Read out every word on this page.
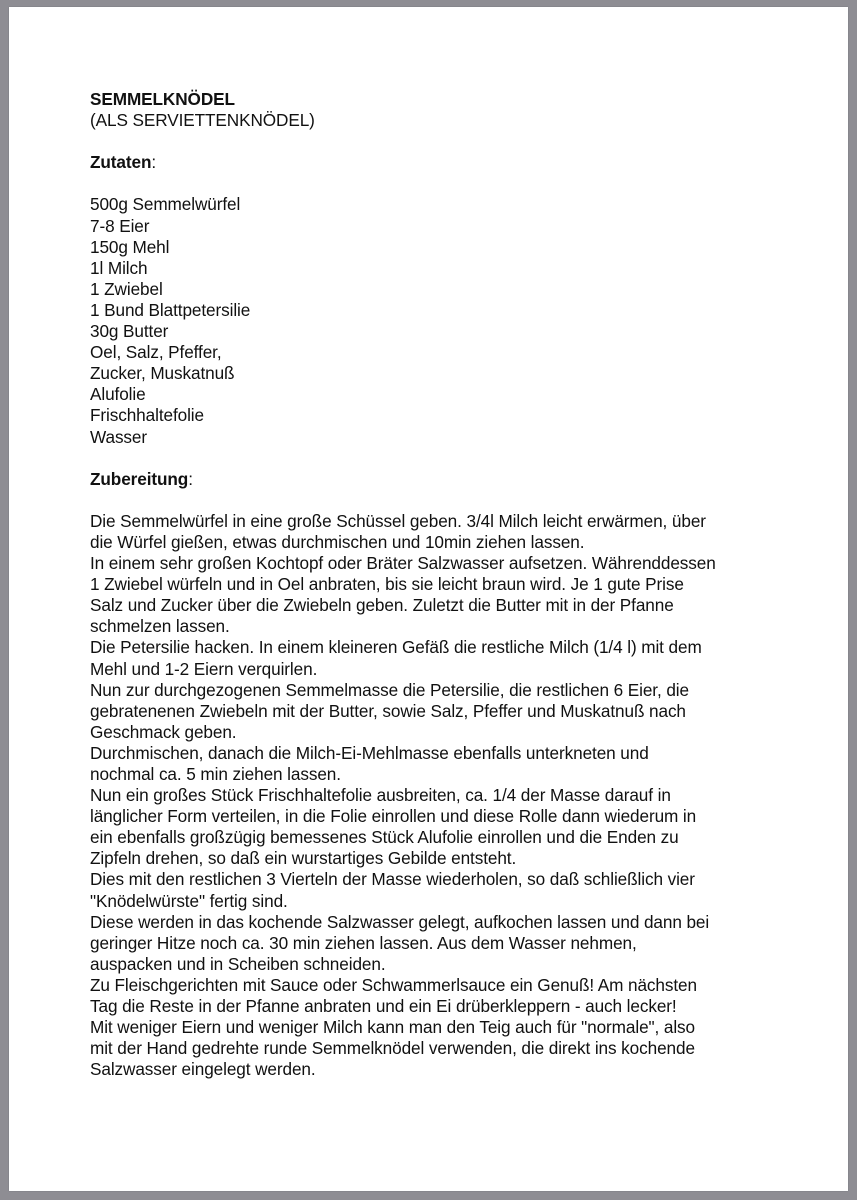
SEMMELKNÖDEL
(ALS SERVIETTENKNÖDEL)
Zutaten:
500g Semmelwürfel
7-8 Eier
150g Mehl
1l Milch
1 Zwiebel
1 Bund Blattpetersilie
30g Butter
Oel, Salz, Pfeffer,
Zucker, Muskatnuß
Alufolie
Frischhaltefolie
Wasser
Zubereitung:
Die Semmelwürfel in eine große Schüssel geben. 3/4l Milch leicht erwärmen, über
die Würfel gießen, etwas durchmischen und 10min ziehen lassen.
In einem sehr großen Kochtopf oder Bräter Salzwasser aufsetzen. Währenddessen
1 Zwiebel würfeln und in Oel anbraten, bis sie leicht braun wird. Je 1 gute Prise
Salz und Zucker über die Zwiebeln geben. Zuletzt die Butter mit in der Pfanne
schmelzen lassen.
Die Petersilie hacken. In einem kleineren Gefäß die restliche Milch (1/4 l) mit dem
Mehl und 1-2 Eiern verquirlen.
Nun zur durchgezogenen Semmelmasse die Petersilie, die restlichen 6 Eier, die
gebratenenen Zwiebeln mit der Butter, sowie Salz, Pfeffer und Muskatnuß nach
Geschmack geben.
Durchmischen, danach die Milch-Ei-Mehlmasse ebenfalls unterkneten und
nochmal ca. 5 min ziehen lassen.
Nun ein großes Stück Frischhaltefolie ausbreiten, ca. 1/4 der Masse darauf in
länglicher Form verteilen, in die Folie einrollen und diese Rolle dann wiederum in
ein ebenfalls großzügig bemessenes Stück Alufolie einrollen und die Enden zu
Zipfeln drehen, so daß ein wurstartiges Gebilde entsteht.
Dies mit den restlichen 3 Vierteln der Masse wiederholen, so daß schließlich vier
"Knödelwürste" fertig sind.
Diese werden in das kochende Salzwasser gelegt, aufkochen lassen und dann bei
geringer Hitze noch ca. 30 min ziehen lassen. Aus dem Wasser nehmen,
auspacken und in Scheiben schneiden.
Zu Fleischgerichten mit Sauce oder Schwammerlsauce ein Genuß! Am nächsten
Tag die Reste in der Pfanne anbraten und ein Ei drüberkleppern - auch lecker!
Mit weniger Eiern und weniger Milch kann man den Teig auch für "normale", also
mit der Hand gedrehte runde Semmelknödel verwenden, die direkt ins kochende
Salzwasser eingelegt werden.
